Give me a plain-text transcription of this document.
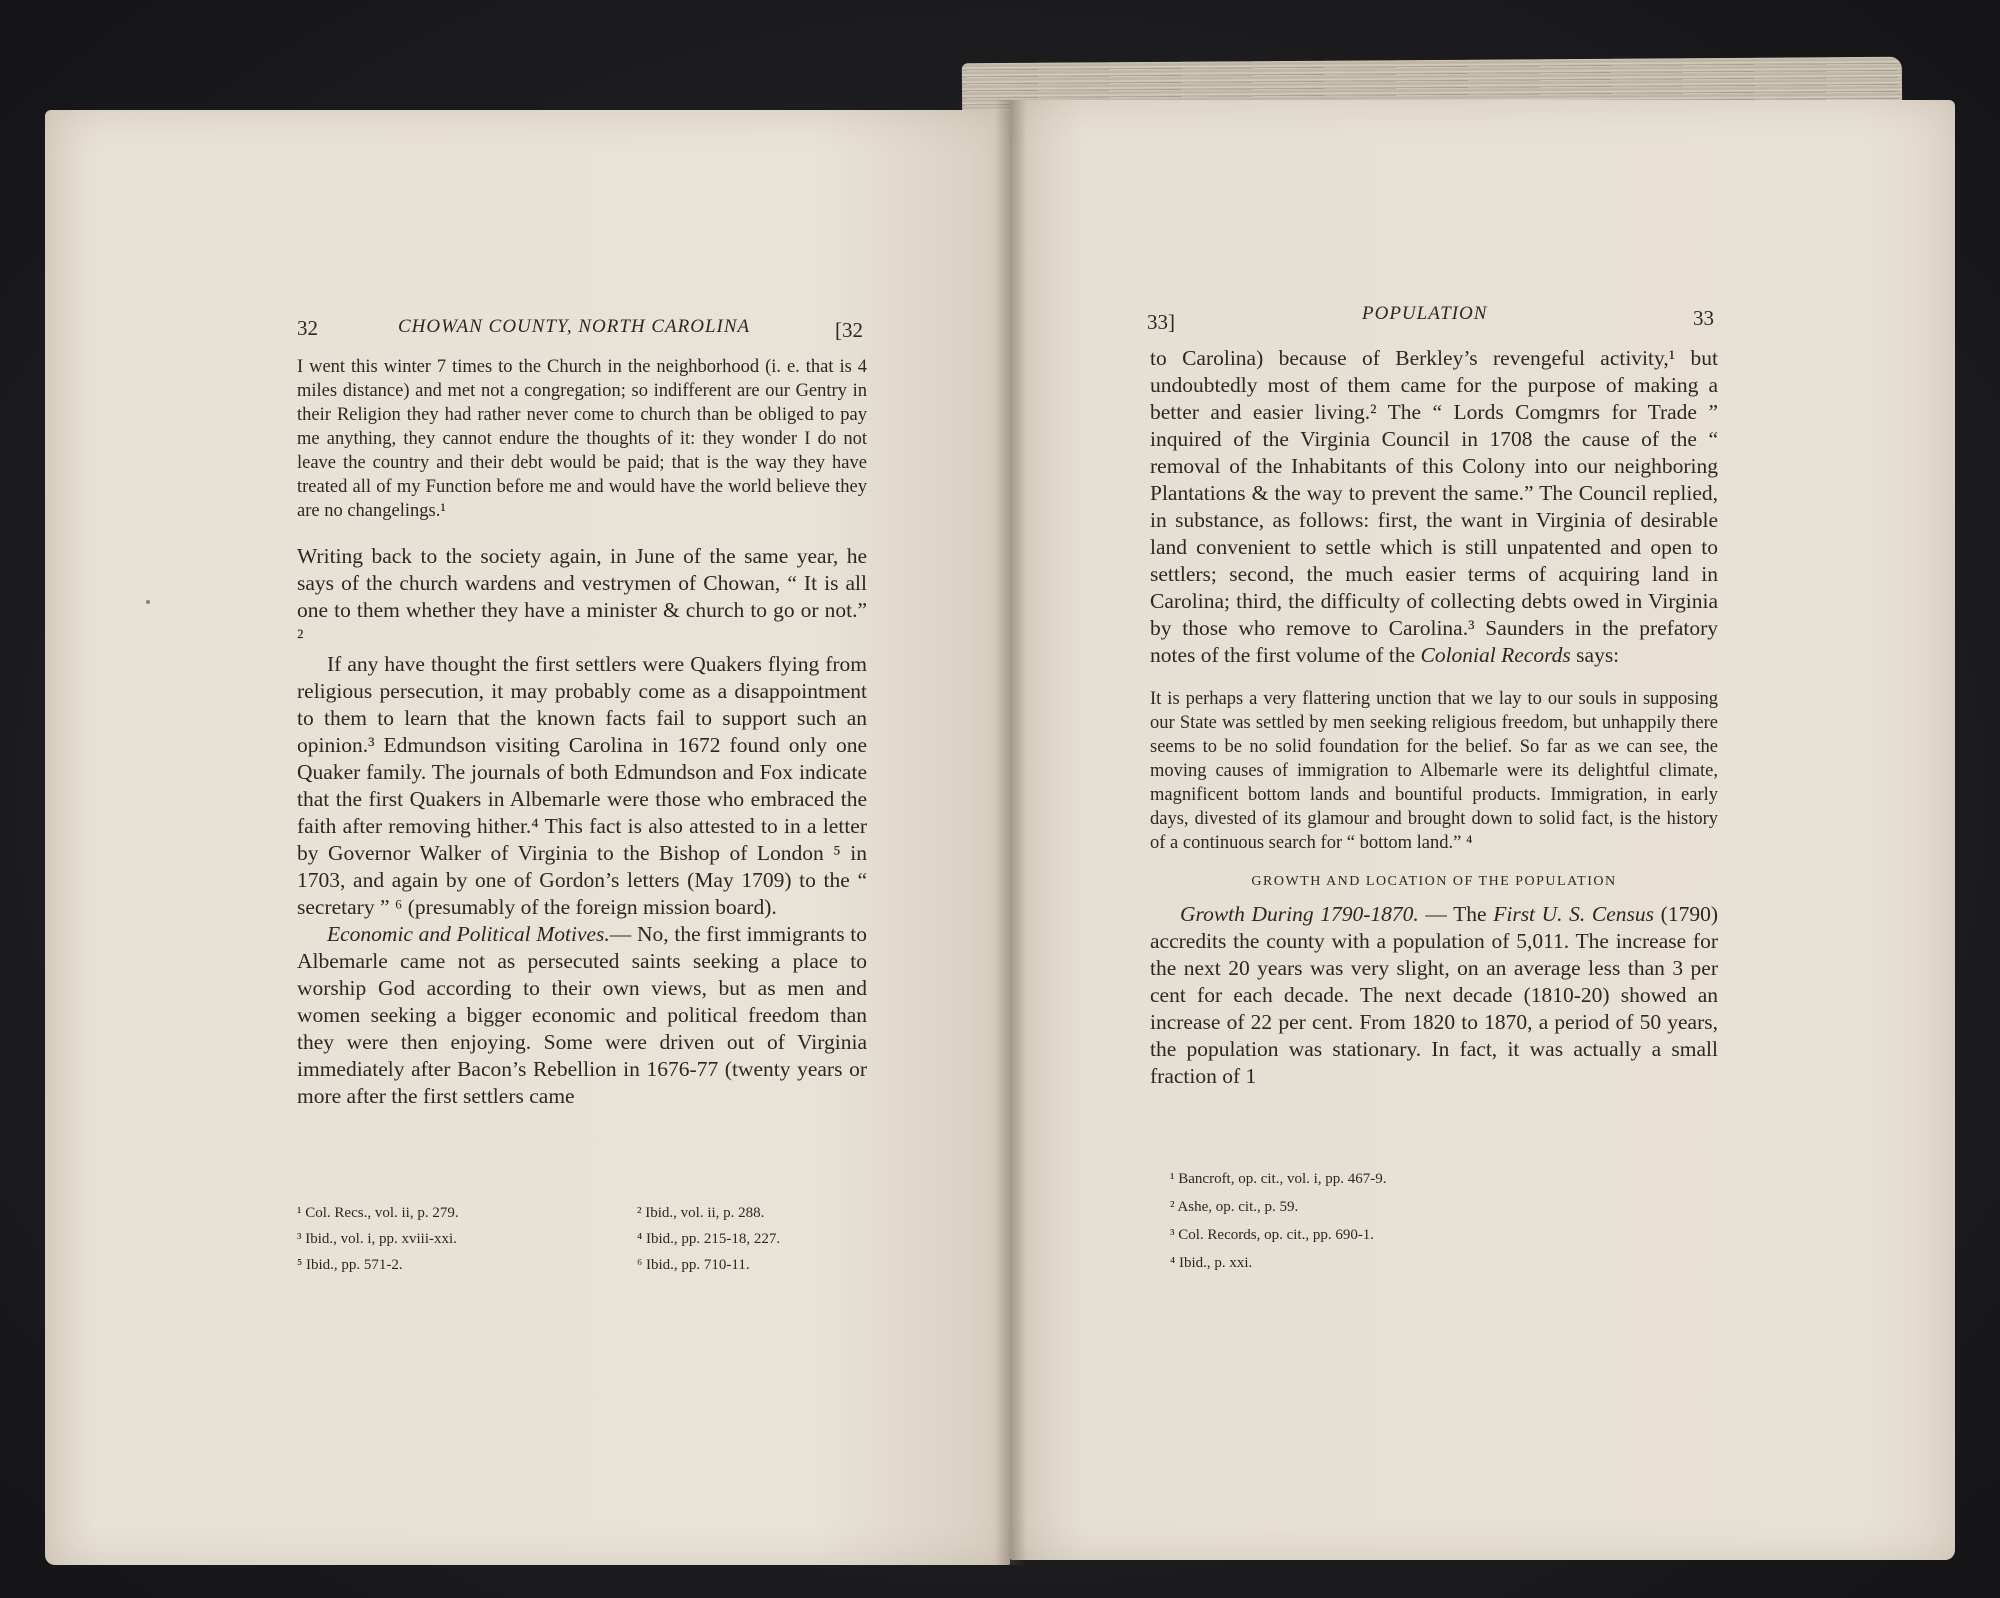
32	CHOWAN COUNTY, NORTH CAROLINA	[32
I went this winter 7 times to the Church in the neighborhood (i. e. that is 4 miles distance) and met not a congregation; so indifferent are our Gentry in their Religion they had rather never come to church than be obliged to pay me anything, they cannot endure the thoughts of it: they wonder I do not leave the country and their debt would be paid; that is the way they have treated all of my Function before me and would have the world believe they are no changelings.¹

Writing back to the society again, in June of the same year, he says of the church wardens and vestrymen of Chowan, “ It is all one to them whether they have a minister & church to go or not.” ²

If any have thought the first settlers were Quakers flying from religious persecution, it may probably come as a disappointment to them to learn that the known facts fail to support such an opinion.³ Edmundson visiting Carolina in 1672 found only one Quaker family. The journals of both Edmundson and Fox indicate that the first Quakers in Albemarle were those who embraced the faith after removing hither.⁴ This fact is also attested to in a letter by Governor Walker of Virginia to the Bishop of London ⁵ in 1703, and again by one of Gordon’s letters (May 1709) to the “ secretary ” ⁶ (presumably of the foreign mission board).

Economic and Political Motives.— No, the first immigrants to Albemarle came not as persecuted saints seeking a place to worship God according to their own views, but as men and women seeking a bigger economic and political freedom than they were then enjoying. Some were driven out of Virginia immediately after Bacon’s Rebellion in 1676-77 (twenty years or more after the first settlers came

¹ Col. Recs., vol. ii, p. 279.
³ Ibid., vol. i, pp. xviii-xxi.
⁵ Ibid., pp. 571-2.
² Ibid., vol. ii, p. 288.
⁴ Ibid., pp. 215-18, 227.
⁶ Ibid., pp. 710-11.
33]	POPULATION	33

to Carolina) because of Berkley’s revengeful activity,¹ but undoubtedly most of them came for the purpose of making a better and easier living.² The “ Lords Comgmrs for Trade ” inquired of the Virginia Council in 1708 the cause of the “ removal of the Inhabitants of this Colony into our neighboring Plantations & the way to prevent the same.” The Council replied, in substance, as follows: first, the want in Virginia of desirable land convenient to settle which is still unpatented and open to settlers; second, the much easier terms of acquiring land in Carolina; third, the difficulty of collecting debts owed in Virginia by those who remove to Carolina.³ Saunders in the prefatory notes of the first volume of the Colonial Records says:

It is perhaps a very flattering unction that we lay to our souls in supposing our State was settled by men seeking religious freedom, but unhappily there seems to be no solid foundation for the belief. So far as we can see, the moving causes of immigration to Albemarle were its delightful climate, magnificent bottom lands and bountiful products. Immigration, in early days, divested of its glamour and brought down to solid fact, is the history of a continuous search for “ bottom land.” ⁴
GROWTH AND LOCATION OF THE POPULATION

Growth During 1790-1870. — The First U. S. Census (1790) accredits the county with a population of 5,011. The increase for the next 20 years was very slight, on an average less than 3 per cent for each decade. The next decade (1810-20) showed an increase of 22 per cent. From 1820 to 1870, a period of 50 years, the population was stationary. In fact, it was actually a small fraction of 1

¹ Bancroft, op. cit., vol. i, pp. 467-9.
² Ashe, op. cit., p. 59.
³ Col. Records, op. cit., pp. 690-1.
⁴ Ibid., p. xxi.
